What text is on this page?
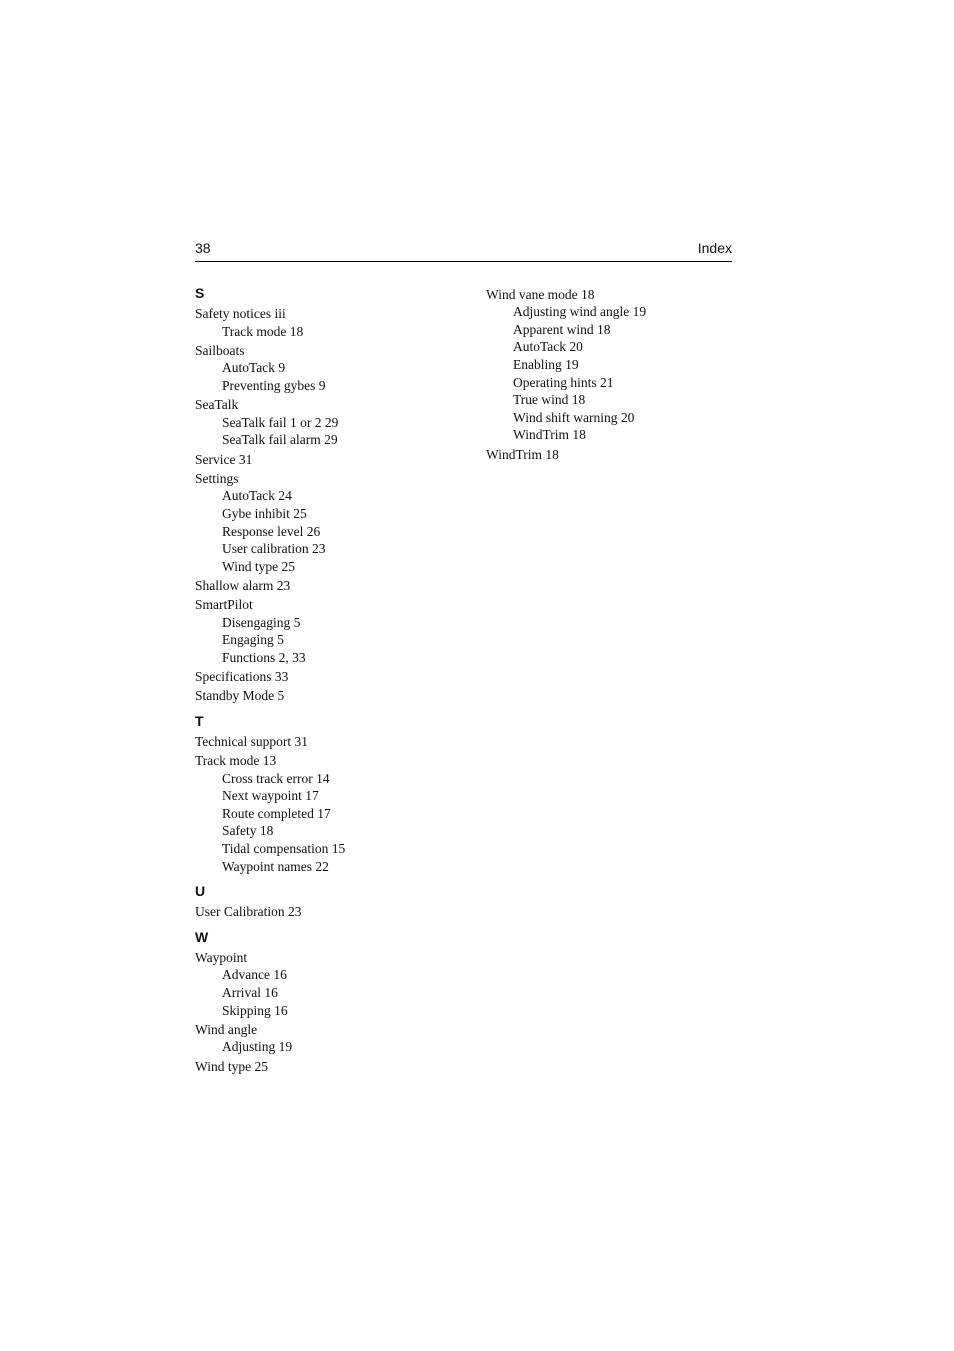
38	Index
S
Safety notices iii
Track mode 18
Sailboats
AutoTack 9
Preventing gybes 9
SeaTalk
SeaTalk fail 1 or 2 29
SeaTalk fail alarm 29
Service 31
Settings
AutoTack 24
Gybe inhibit 25
Response level 26
User calibration 23
Wind type 25
Shallow alarm 23
SmartPilot
Disengaging 5
Engaging 5
Functions 2, 33
Specifications 33
Standby Mode 5
T
Technical support 31
Track mode 13
Cross track error 14
Next waypoint 17
Route completed 17
Safety 18
Tidal compensation 15
Waypoint names 22
U
User Calibration 23
W
Waypoint
Advance 16
Arrival 16
Skipping 16
Wind angle
Adjusting 19
Wind type 25
Wind vane mode 18
Adjusting wind angle 19
Apparent wind 18
AutoTack 20
Enabling 19
Operating hints 21
True wind 18
Wind shift warning 20
WindTrim 18
WindTrim 18
